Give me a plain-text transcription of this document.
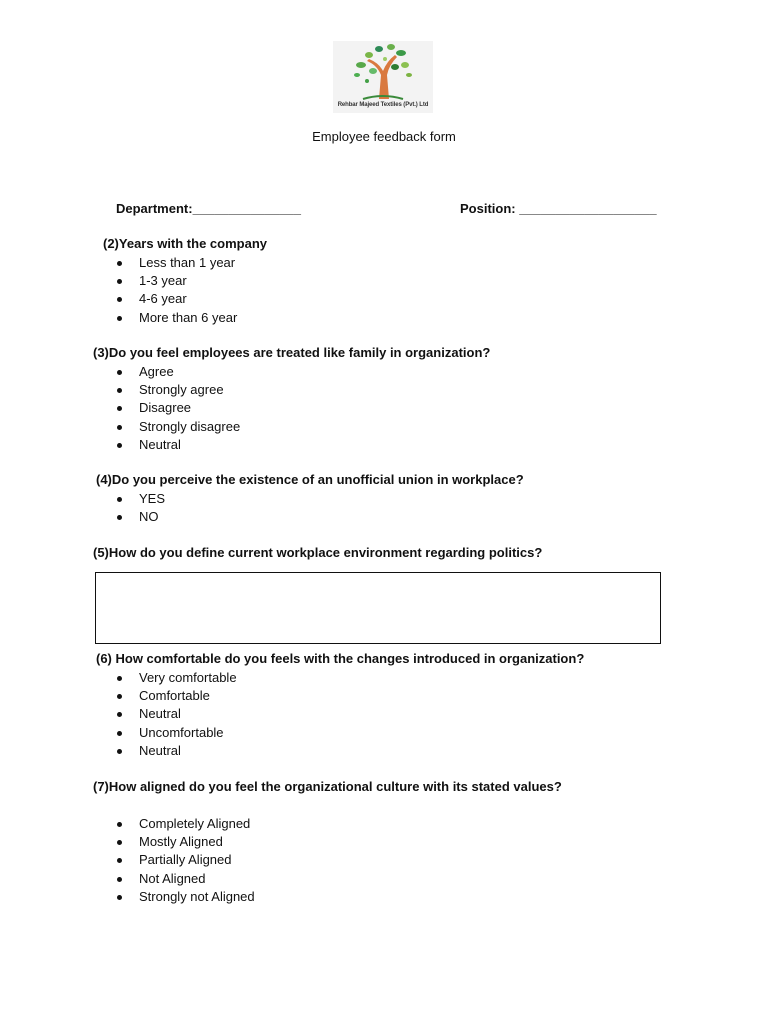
Rehbar Majeed Textiles (Pvt.) Ltd
Employee feedback form
Department:_______________	Position: ___________________
(2)Years with the company
Less than 1 year
1-3 year
4-6 year
More than 6 year
(3)Do you feel employees are treated like family in organization?
Agree
Strongly agree
Disagree
Strongly disagree
Neutral
(4)Do you perceive the existence of an unofficial union in workplace?
YES
NO
(5)How do you define current workplace environment regarding politics?
(6) How comfortable do you feels with the changes introduced in organization?
Very comfortable
Comfortable
Neutral
Uncomfortable
Neutral
(7)How aligned do you feel the organizational culture with its stated values?
Completely Aligned
Mostly Aligned
Partially Aligned
Not Aligned
Strongly not Aligned
